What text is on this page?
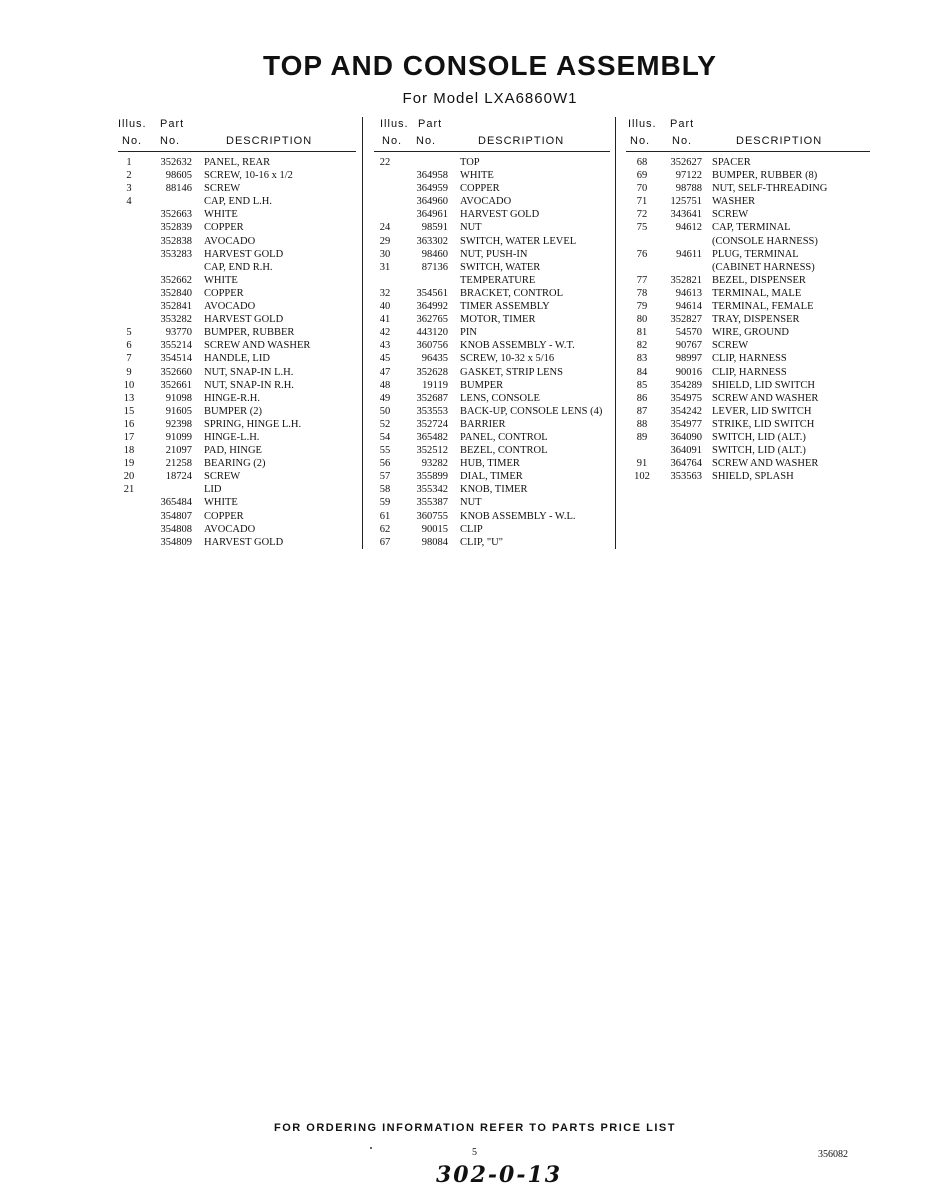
TOP AND CONSOLE ASSEMBLY
For Model LXA6860W1
Illus. Part
No. No.	DESCRIPTION
1	352632 PANEL, REAR
2	98605 SCREW, 10-16 x 1/2
3	88146 SCREW
4	CAP, END L.H.
352663 WHITE
352839 COPPER
352838 AVOCADO
353283 HARVEST GOLD
CAP, END R.H.
352662 WHITE
352840 COPPER
352841 AVOCADO
353282 HARVEST GOLD
5	93770 BUMPER, RUBBER
6	355214 SCREW AND WASHER
7	354514 HANDLE, LID
9	352660 NUT, SNAP-IN L.H.
10	352661 NUT, SNAP-IN R.H.
13	91098 HINGE-R.H.
15	91605 BUMPER (2)
16	92398 SPRING, HINGE L.H.
17	91099 HINGE-L.H.
18	21097 PAD, HINGE
19	21258 BEARING (2)
20	18724 SCREW
21	LID
365484 WHITE
354807 COPPER
354808 AVOCADO
354809 HARVEST GOLD
Illus. Part
No. No.	DESCRIPTION
22	TOP
364958 WHITE
364959 COPPER
364960 AVOCADO
364961 HARVEST GOLD
24	98591 NUT
29	363302 SWITCH, WATER LEVEL
30	98460 NUT, PUSH-IN
31	87136 SWITCH, WATER
TEMPERATURE
32	354561 BRACKET, CONTROL
40	364992 TIMER ASSEMBLY
41	362765 MOTOR, TIMER
42	443120 PIN
43	360756 KNOB ASSEMBLY - W.T.
45	96435 SCREW, 10-32 x 5/16
47	352628 GASKET, STRIP LENS
48	19119 BUMPER
49	352687 LENS, CONSOLE
50	353553 BACK-UP, CONSOLE LENS (4)
52	352724 BARRIER
54	365482 PANEL, CONTROL
55	352512 BEZEL, CONTROL
56	93282 HUB, TIMER
57	355899 DIAL, TIMER
58	355342 KNOB, TIMER
59	355387 NUT
61	360755 KNOB ASSEMBLY - W.L.
62	90015 CLIP
67	98084 CLIP, "U"
Illus. Part
No. No.	DESCRIPTION
68	352627 SPACER
69	97122 BUMPER, RUBBER (8)
70	98788 NUT, SELF-THREADING
71	125751 WASHER
72	343641 SCREW
75	94612 CAP, TERMINAL
(CONSOLE HARNESS)
76	94611 PLUG, TERMINAL
(CABINET HARNESS)
77	352821 BEZEL, DISPENSER
78	94613 TERMINAL, MALE
79	94614 TERMINAL, FEMALE
80	352827 TRAY, DISPENSER
81	54570 WIRE, GROUND
82	90767 SCREW
83	98997 CLIP, HARNESS
84	90016 CLIP, HARNESS
85	354289 SHIELD, LID SWITCH
86	354975 SCREW AND WASHER
87	354242 LEVER, LID SWITCH
88	354977 STRIKE, LID SWITCH
89	364090 SWITCH, LID (ALT.)
364091 SWITCH, LID (ALT.)
91	364764 SCREW AND WASHER
102	353563 SHIELD, SPLASH
FOR ORDERING INFORMATION REFER TO PARTS PRICE LIST
5	356082
302-0-13
